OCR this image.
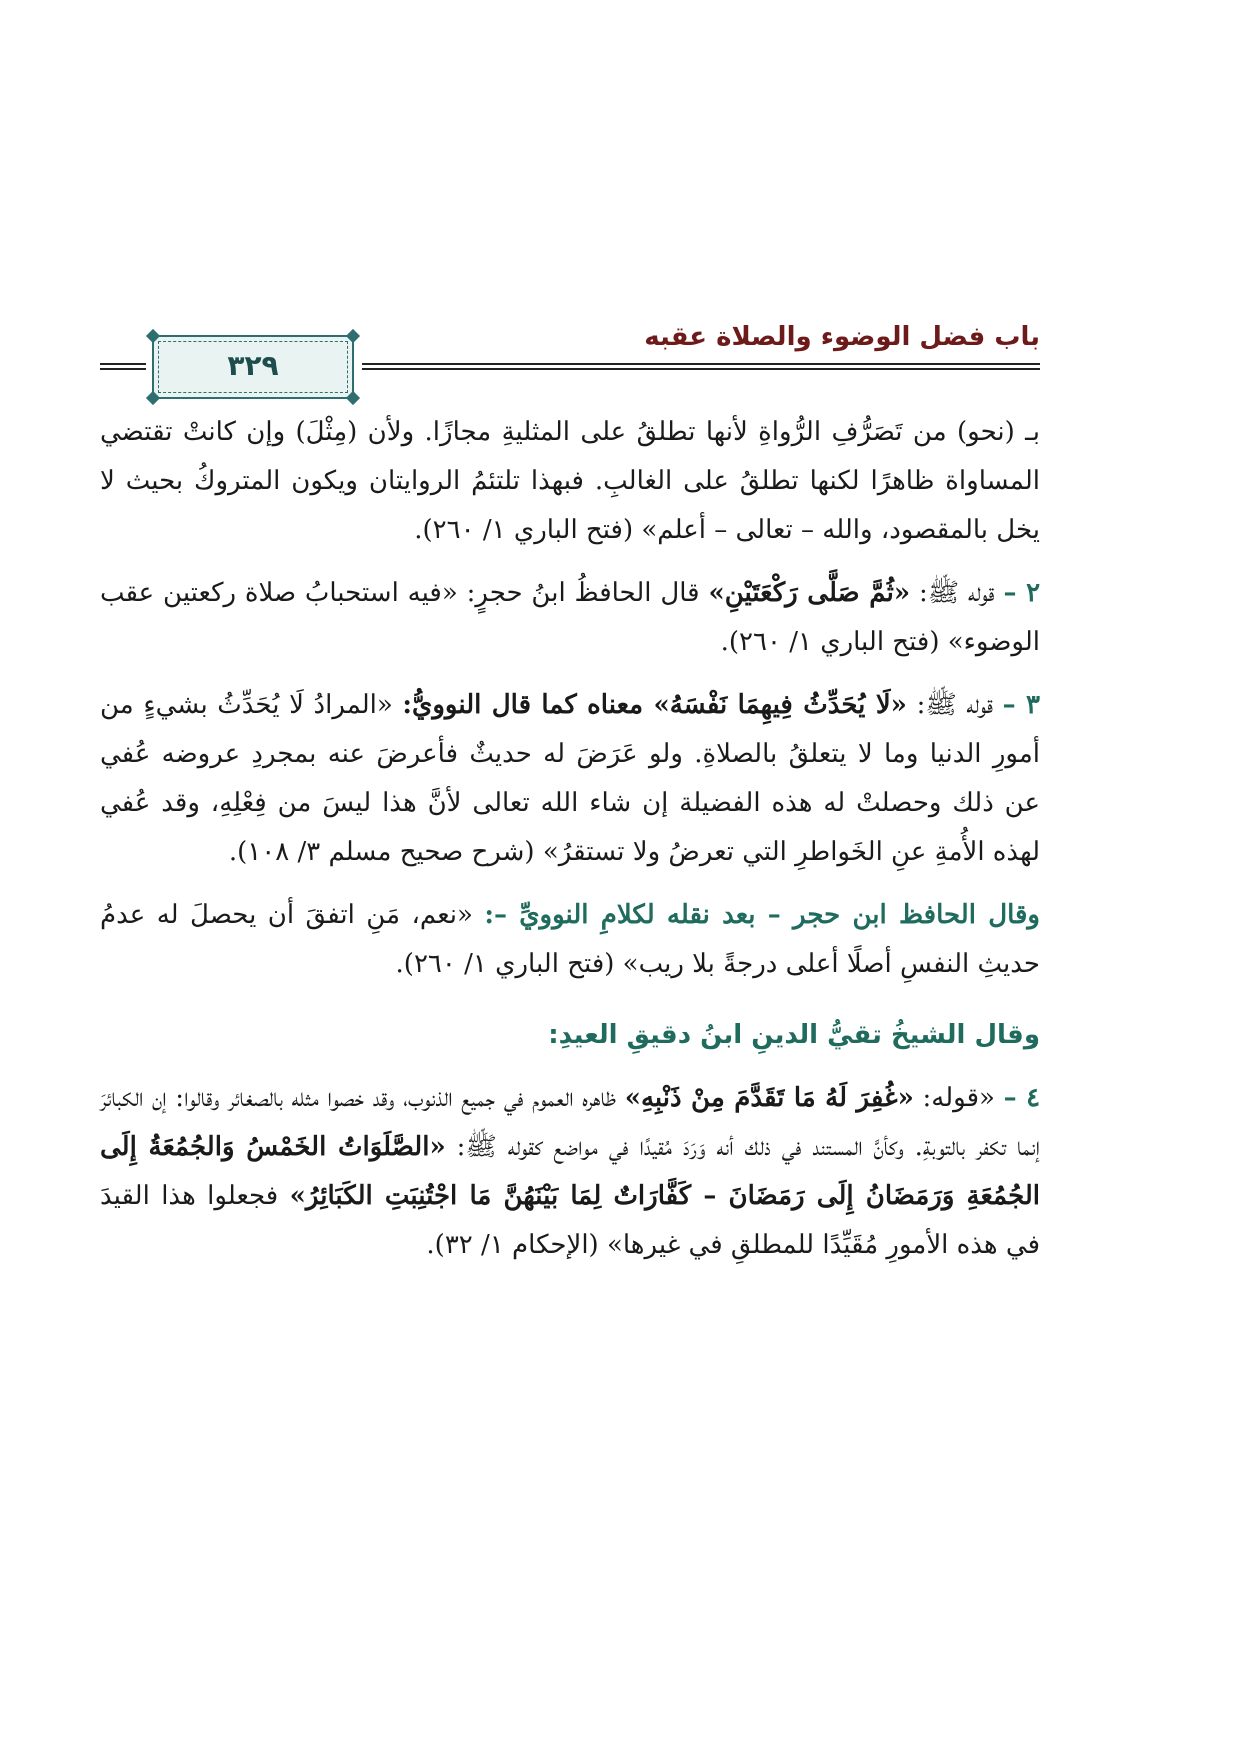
باب فضل الوضوء والصلاة عقبه
٣٢٩

بـ (نحو) من تَصَرُّفِ الرُّواةِ لأنها تطلقُ على المثليةِ مجازًا. ولأن (مِثْلَ) وإن كانتْ تقتضي المساواة ظاهرًا لكنها تطلقُ على الغالبِ. فبهذا تلتئمُ الروايتان ويكون المتروكُ بحيث لا يخل بالمقصود، والله – تعالى – أعلم» (فتح الباري ١/ ٢٦٠).

٢ – قوله ﷺ: «ثُمَّ صَلَّى رَكْعَتَيْنِ» قال الحافظُ ابنُ حجرٍ: «فيه استحبابُ صلاة ركعتين عقب الوضوء» (فتح الباري ١/ ٢٦٠).

٣ – قوله ﷺ: «لَا يُحَدِّثُ فِيهِمَا نَفْسَهُ» معناه كما قال النوويُّ: «المرادُ لَا يُحَدِّثُ بشيءٍ من أمورِ الدنيا وما لا يتعلقُ بالصلاةِ. ولو عَرَضَ له حديثٌ فأعرضَ عنه بمجردِ عروضه عُفي عن ذلك وحصلتْ له هذه الفضيلة إن شاء الله تعالى لأنَّ هذا ليسَ من فِعْلِهِ، وقد عُفي لهذه الأُمةِ عنِ الخَواطرِ التي تعرضُ ولا تستقرُ» (شرح صحيح مسلم ٣/ ١٠٨).

وقال الحافظ ابن حجر – بعد نقله لكلامِ النوويِّ –: «نعم، مَنِ اتفقَ أن يحصلَ له عدمُ حديثِ النفسِ أصلًا أعلى درجةً بلا ريب» (فتح الباري ١/ ٢٦٠).

وقال الشيخُ تقيُّ الدينِ ابنُ دقيقِ العيدِ:

٤ – «قوله: «غُفِرَ لَهُ مَا تَقَدَّمَ مِنْ ذَنْبِهِ» ظاهره العموم في جميع الذنوب، وقد خصوا مثله بالصغائر وقالوا: إن الكبائرَ إنما تكفر بالتوبةِ. وكأنَّ المستند في ذلك أنه وَرَدَ مُقيدًا في مواضع كقوله ﷺ: «الصَّلَوَاتُ الخَمْسُ وَالجُمُعَةُ إِلَى الجُمُعَةِ وَرَمَضَانُ إِلَى رَمَضَانَ – كَفَّارَاتٌ لِمَا بَيْنَهُنَّ مَا اجْتُنِبَتِ الكَبَائِرُ» فجعلوا هذا القيدَ في هذه الأمورِ مُقَيِّدًا للمطلقِ في غيرها» (الإحكام ١/ ٣٢).
